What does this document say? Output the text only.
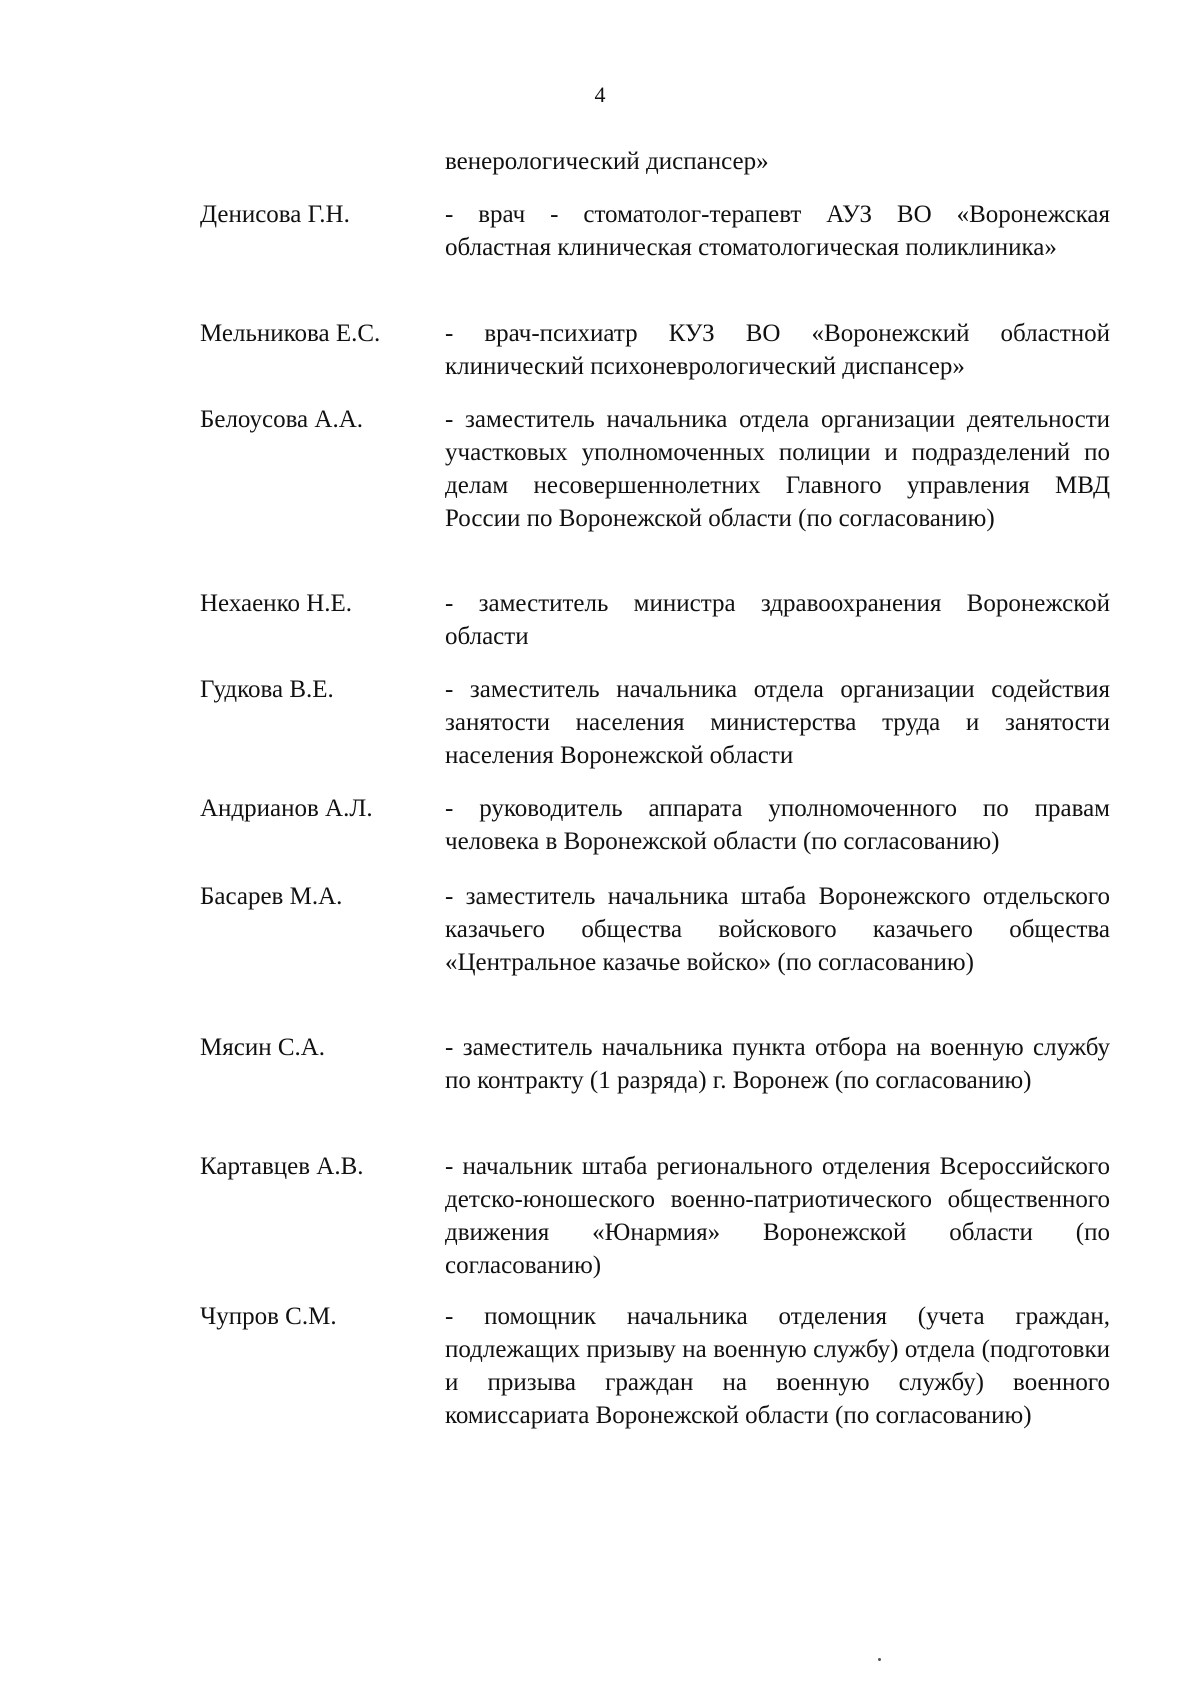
4
венерологический диспансер»
Денисова Г.Н.	- врач - стоматолог-терапевт АУЗ ВО «Воронежская областная клиническая стоматологическая поликлиника»
Мельникова Е.С.	- врач-психиатр КУЗ ВО «Воронежский областной клинический психоневрологический диспансер»
Белоусова А.А.	- заместитель начальника отдела организации деятельности участковых уполномоченных полиции и подразделений по делам несовершеннолетних Главного управления МВД России по Воронежской области (по согласованию)
Нехаенко Н.Е.	- заместитель министра здравоохранения Воронежской области
Гудкова В.Е.	- заместитель начальника отдела организации содействия занятости населения министерства труда и занятости населения Воронежской области
Андрианов А.Л.	- руководитель аппарата уполномоченного по правам человека в Воронежской области (по согласованию)
Басарев М.А.	- заместитель начальника штаба Воронежского отдельского казачьего общества войскового казачьего общества «Центральное казачье войско» (по согласованию)
Мясин С.А.	- заместитель начальника пункта отбора на военную службу по контракту (1 разряда) г. Воронеж (по согласованию)
Картавцев А.В.	- начальник штаба регионального отделения Всероссийского детско-юношеского военно-патриотического общественного движения «Юнармия» Воронежской области (по согласованию)
Чупров С.М.	- помощник начальника отделения (учета граждан, подлежащих призыву на военную службу) отдела (подготовки и призыва граждан на военную службу) военного комиссариата Воронежской области (по согласованию)
